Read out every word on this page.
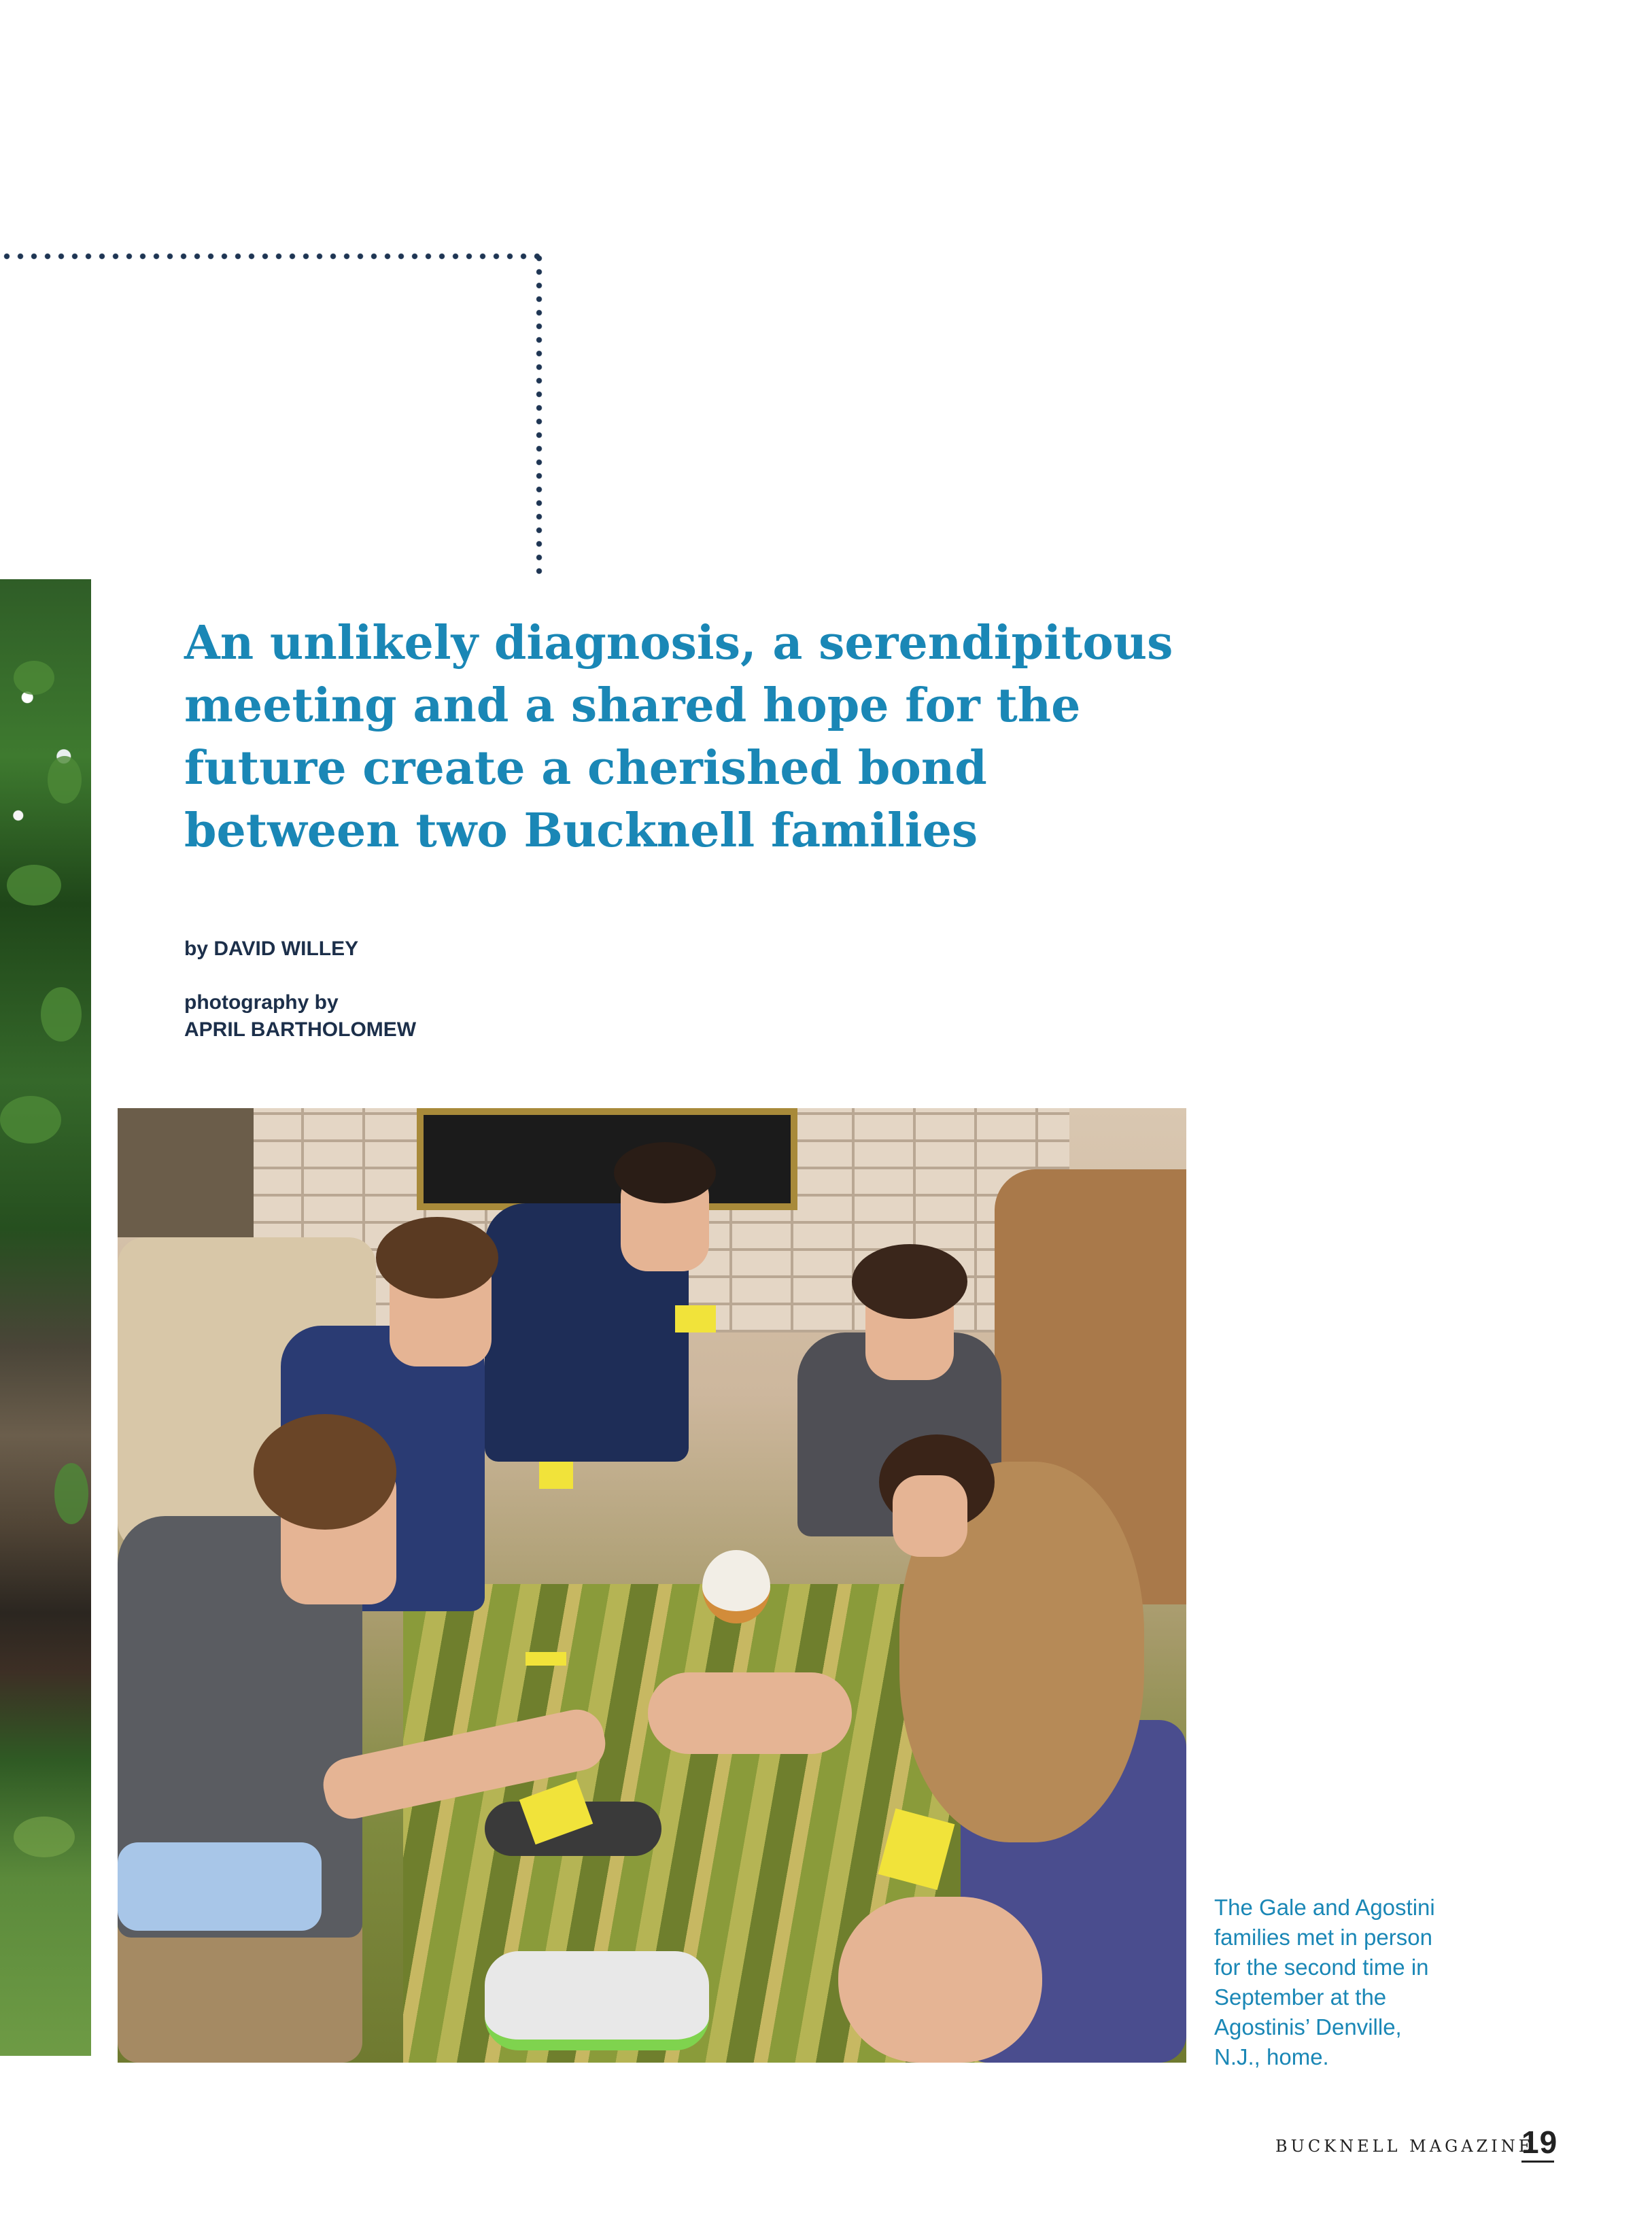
An unlikely diagnosis, a serendipitous
meeting and a shared hope for the
future create a cherished bond
between two Bucknell families
by DAVID WILLEY
photography by
APRIL BARTHOLOMEW
The Gale and Agostini
families met in person
for the second time in
September at the
Agostinis’ Denville,
N.J., home.
BUCKNELL MAGAZINE
19
